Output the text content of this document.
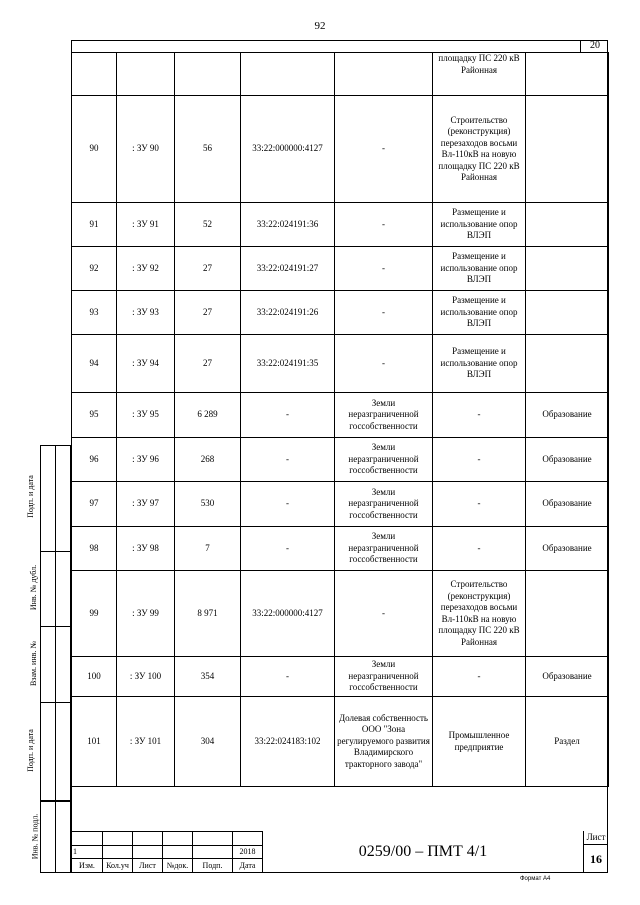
92
20
					площадку ПС 220 кВ Районная	
90	: ЗУ 90	56	33:22:000000:4127	-	Строительство (реконструкция) перезаходов восьми Вл-110кВ на новую площадку ПС 220 кВ Районная	
91	: ЗУ 91	52	33:22:024191:36	-	Размещение и использование опор ВЛЭП	
92	: ЗУ 92	27	33:22:024191:27	-	Размещение и использование опор ВЛЭП	
93	: ЗУ 93	27	33:22:024191:26	-	Размещение и использование опор ВЛЭП	
94	: ЗУ 94	27	33:22:024191:35	-	Размещение и использование опор ВЛЭП	
95	: ЗУ 95	6 289	-	Земли неразграниченной госсобственности	-	Образование
96	: ЗУ 96	268	-	Земли неразграниченной госсобственности	-	Образование
97	: ЗУ 97	530	-	Земли неразграниченной госсобственности	-	Образование
98	: ЗУ 98	7	-	Земли неразграниченной госсобственности	-	Образование
99	: ЗУ 99	8 971	33:22:000000:4127	-	Строительство (реконструкция) перезаходов восьми Вл-110кВ на новую площадку ПС 220 кВ Районная	
100	: ЗУ 100	354	-	Земли неразграниченной госсобственности	-	Образование
101	: ЗУ 101	304	33:22:024183:102	Долевая собственность ООО "Зона регулируемого развития Владимирского тракторного завода"	Промышленное предприятие	Раздел
Подп. и дата
Инв. № дубл.
Взам. инв. №
Подп. и дата
Инв. № подл.
						1					2018
Изм.	Кол.уч	Лист	№док.	Подп.	Дата
0259/00 – ПМТ 4/1
Лист
16
Формат А4
